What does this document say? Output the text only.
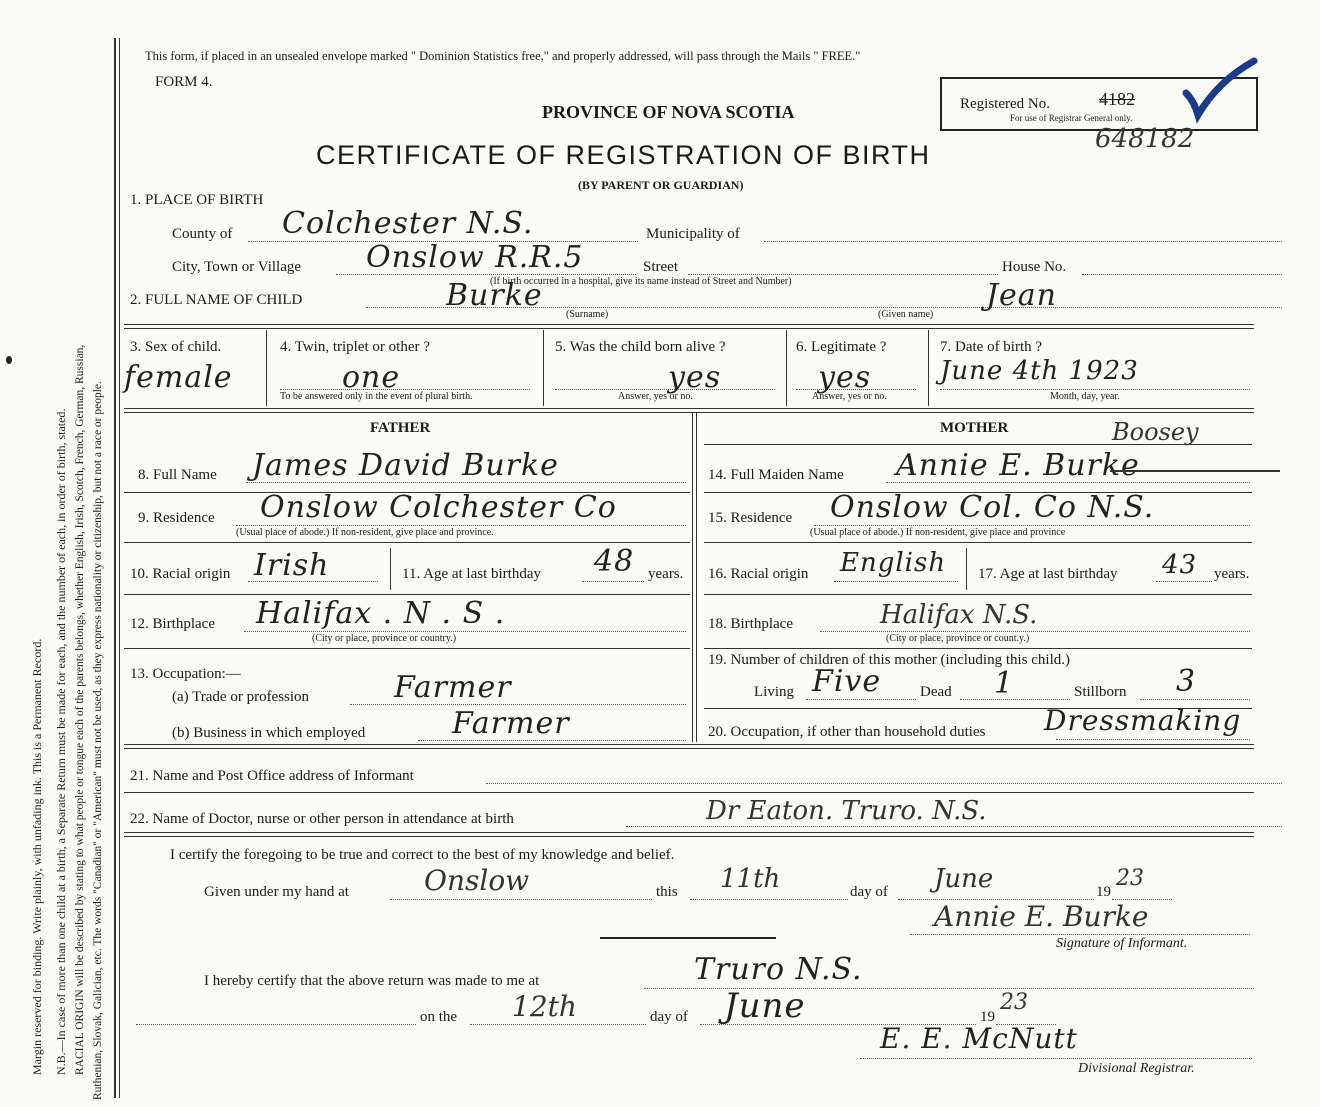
Margin reserved for binding. Write plainly, with unfading ink. This is a Permanent Record. N.B.—In case of more than one child at a birth, a Separate Return must be made for each, and the number of each, in order of birth, stated. RACIAL ORIGIN will be described by stating to what people or tongue each of the parents belongs, whether English, Irish, Scotch, French, German, Russian, Ruthenian, Slovak, Galician, etc. The words "Canadian" or "American" must not be used, as they express nationality or citizenship, but not a race or people.
This form, if placed in an unsealed envelope marked " Dominion Statistics free," and properly addressed, will pass through the Mails " FREE."
FORM 4.
PROVINCE OF NOVA SCOTIA	Registered No.	4182
For use of Registrar General only.
648182
CERTIFICATE OF REGISTRATION OF BIRTH
(BY PARENT OR GUARDIAN)
1. PLACE OF BIRTH
County of Colchester N.S.	Municipality of
City, Town or Village Onslow R.R.5	Street	House No.
(If birth occurred in a hospital, give its name instead of Street and Number)
2. FULL NAME OF CHILD	Burke
(Surname)
Jean
(Given name)
3. Sex of child.
female
4. Twin, triplet or other ?
one
To be answered only in the event of plural birth.
5. Was the child born alive ?
yes
Answer, yes or no.
6. Legitimate ?
yes
Answer, yes or no.
7. Date of birth ?
June 4th 1923
Month, day, year.
FATHER	MOTHER	Boosey
8. Full Name James David Burke	14. Full Maiden Name Annie E. Burke
9. Residence Onslow Colchester Co
(Usual place of abode.) If non-resident, give place and province.
15. Residence Onslow Col. Co N.S.
(Usual place of abode.) If non-resident, give place and province
10. Racial origin Irish	11. Age at last birthday 48 years. 16. Racial origin English 17. Age at last birthday 43 years.
12. Birthplace Halifax . N . S .
(City or place, province or country.)
18. Birthplace	Halifax N.S.
(City or place, province or count.y.)
13. Occupation:—
(a) Trade or profession	Farmer
(b) Business in which employed	Farmer
19. Number of children of this mother (including this child.)
Living Five	Dead 1	Stillborn 3
20. Occupation, if other than household duties Dressmaking
21. Name and Post Office address of Informant
22. Name of Doctor, nurse or other person in attendance at birth	Dr Eaton. Truro. N.S.
I certify the foregoing to be true and correct to the best of my knowledge and belief.
Given under my hand at	Onslow	this 11th	day of June	19
23
Annie E. Burke
Signature of Informant.
I hereby certify that the above return was made to me at	Truro N.S.
on the 12th	day of June	19
23
E. E. McNutt
Divisional Registrar.
